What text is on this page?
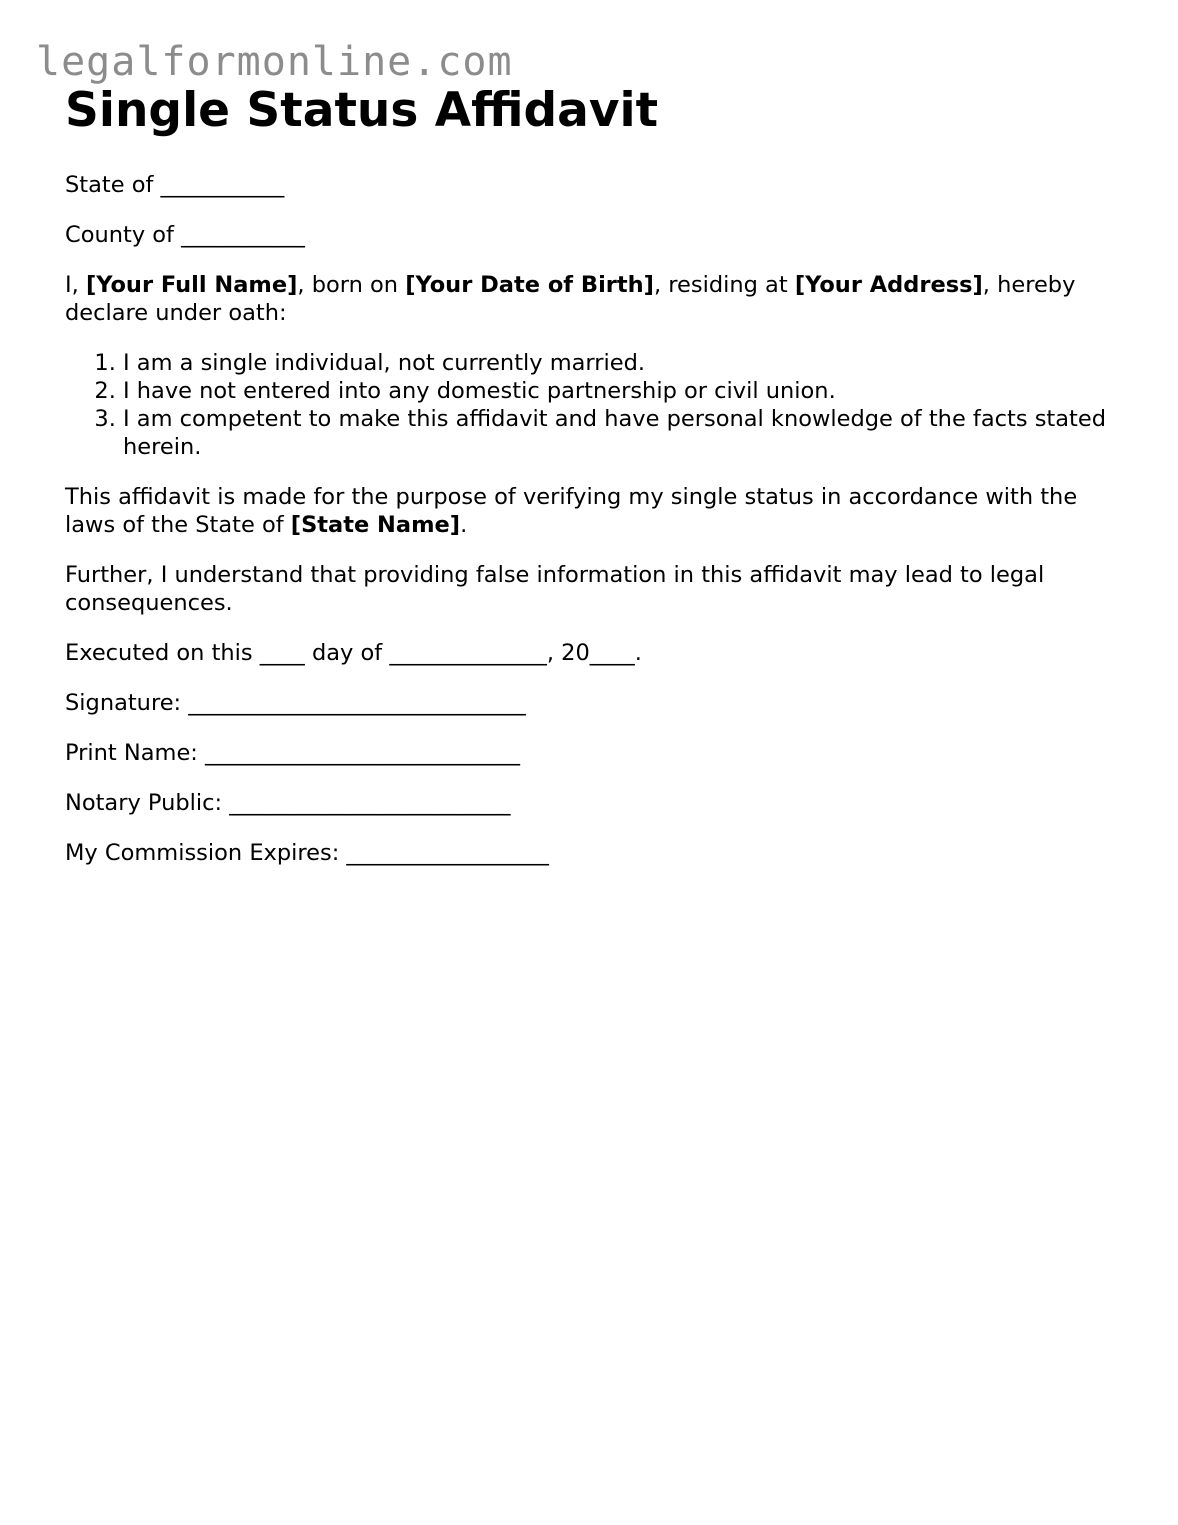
legalformonline.com
Single Status Affidavit

State of ___________

County of ___________

I, [Your Full Name], born on [Your Date of Birth], residing at [Your Address], hereby declare under oath:

1. I am a single individual, not currently married.
2. I have not entered into any domestic partnership or civil union.
3. I am competent to make this affidavit and have personal knowledge of the facts stated herein.

This affidavit is made for the purpose of verifying my single status in accordance with the laws of the State of [State Name].

Further, I understand that providing false information in this affidavit may lead to legal consequences.

Executed on this ____ day of ______________, 20____.

Signature: ______________________________

Print Name: ____________________________

Notary Public: _________________________

My Commission Expires: __________________
